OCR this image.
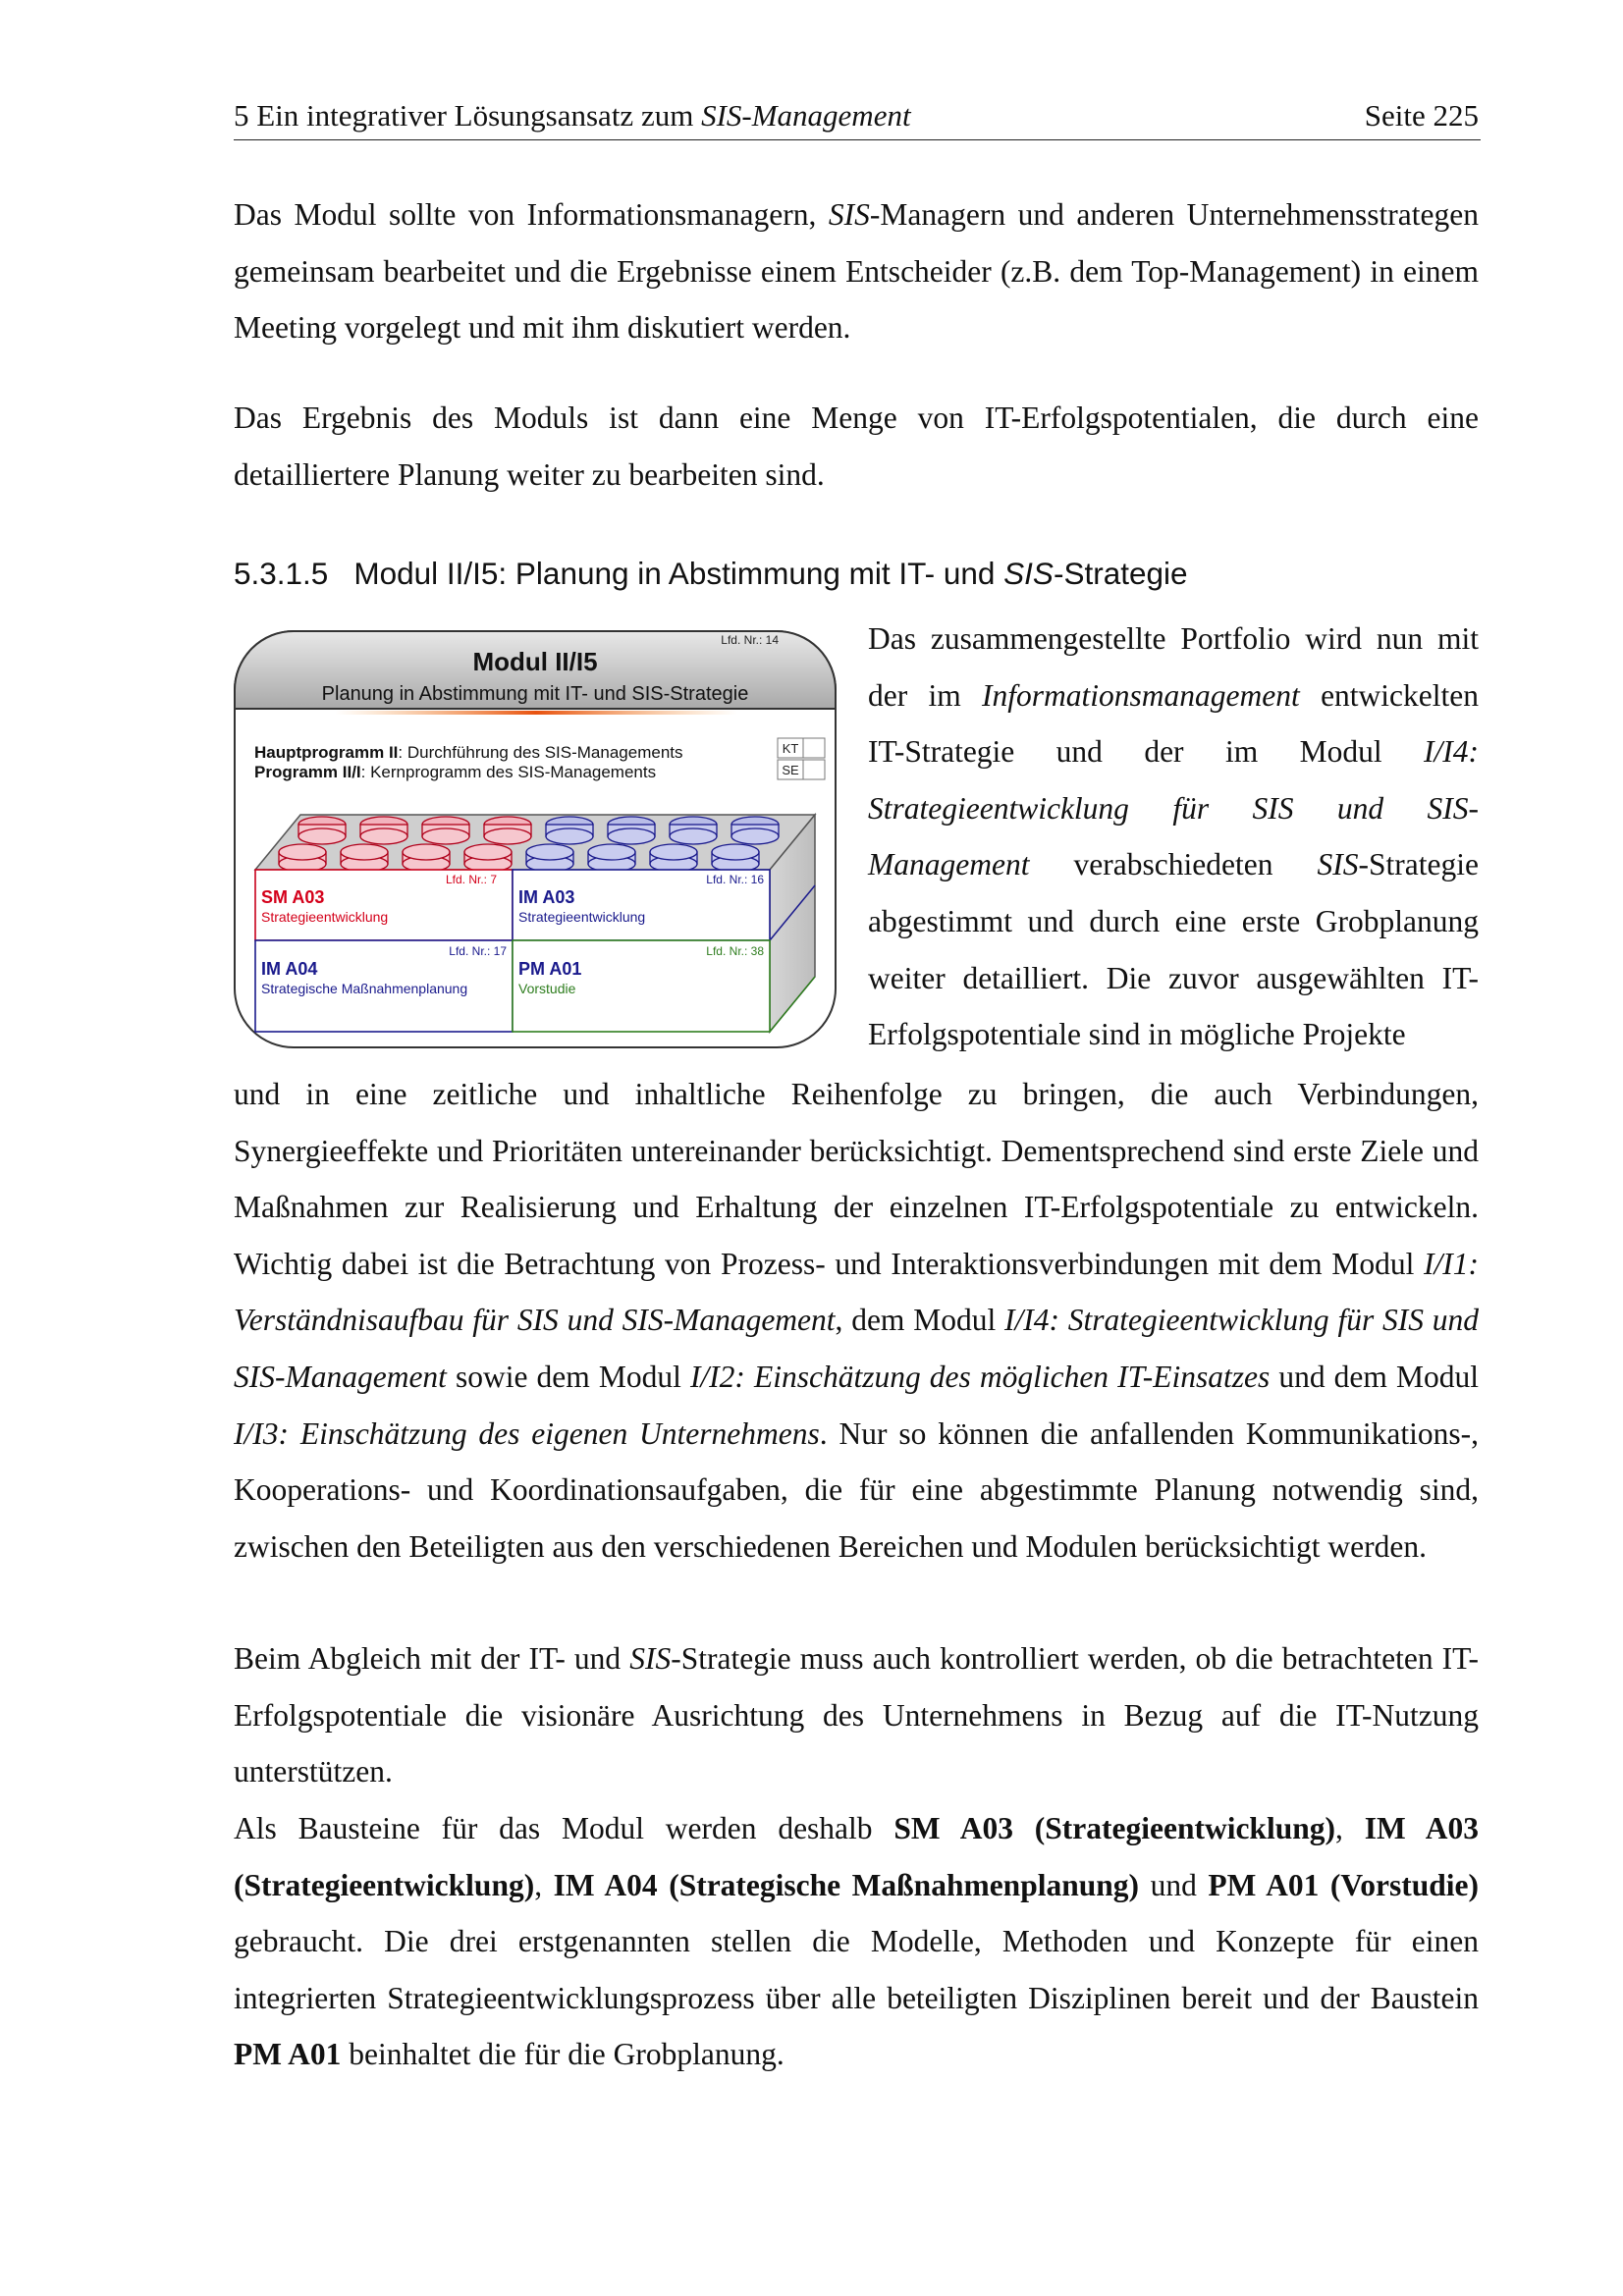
5 Ein integrativer Lösungsansatz zum SIS-Management	Seite 225

Das Modul sollte von Informationsmanagern, SIS-Managern und anderen Unternehmensstrategen gemeinsam bearbeitet und die Ergebnisse einem Entscheider (z.B. dem Top-Management) in einem Meeting vorgelegt und mit ihm diskutiert werden.

Das Ergebnis des Moduls ist dann eine Menge von IT-Erfolgspotentialen, die durch eine detailliertere Planung weiter zu bearbeiten sind.

5.3.1.5 Modul II/I5: Planung in Abstimmung mit IT- und SIS-Strategie
Lfd. Nr.: 14
Modul II/I5
Planung in Abstimmung mit IT- und SIS-Strategie
Hauptprogramm II: Durchführung des SIS-Managements
Programm II/I: Kernprogramm des SIS-Managements
KT
SE
Lfd. Nr.: 7
SM A03
Strategieentwicklung
Lfd. Nr.: 16
IM A03
Strategieentwicklung
Lfd. Nr.: 17
IM A04
Strategische Maßnahmenplanung
Lfd. Nr.: 38
PM A01
Vorstudie

Das zusammengestellte Portfolio wird nun mit der im Informationsmanagement entwickelten IT-Strategie und der im Modul I/I4: Strategieentwicklung für SIS und SIS-Management verabschiedeten SIS-Strategie abgestimmt und durch eine erste Grobplanung weiter detailliert. Die zuvor ausgewählten IT-Erfolgspotentiale sind in mögliche Projekte

und in eine zeitliche und inhaltliche Reihenfolge zu bringen, die auch Verbindungen, Synergieeffekte und Prioritäten untereinander berücksichtigt. Dementsprechend sind erste Ziele und Maßnahmen zur Realisierung und Erhaltung der einzelnen IT-Erfolgspotentiale zu entwickeln. Wichtig dabei ist die Betrachtung von Prozess- und Interaktionsverbindungen mit dem Modul I/I1: Verständnisaufbau für SIS und SIS-Management, dem Modul I/I4: Strategieentwicklung für SIS und SIS-Management sowie dem Modul I/I2: Einschätzung des möglichen IT-Einsatzes und dem Modul I/I3: Einschätzung des eigenen Unternehmens. Nur so können die anfallenden Kommunikations-, Kooperations- und Koordinationsaufgaben, die für eine abgestimmte Planung notwendig sind, zwischen den Beteiligten aus den verschiedenen Bereichen und Modulen berücksichtigt werden.

Beim Abgleich mit der IT- und SIS-Strategie muss auch kontrolliert werden, ob die betrachteten IT-Erfolgspotentiale die visionäre Ausrichtung des Unternehmens in Bezug auf die IT-Nutzung unterstützen.

Als Bausteine für das Modul werden deshalb SM A03 (Strategieentwicklung), IM A03 (Strategieentwicklung), IM A04 (Strategische Maßnahmenplanung) und PM A01 (Vorstudie) gebraucht. Die drei erstgenannten stellen die Modelle, Methoden und Konzepte für einen integrierten Strategieentwicklungsprozess über alle beteiligten Disziplinen bereit und der Baustein PM A01 beinhaltet die für die Grobplanung.
